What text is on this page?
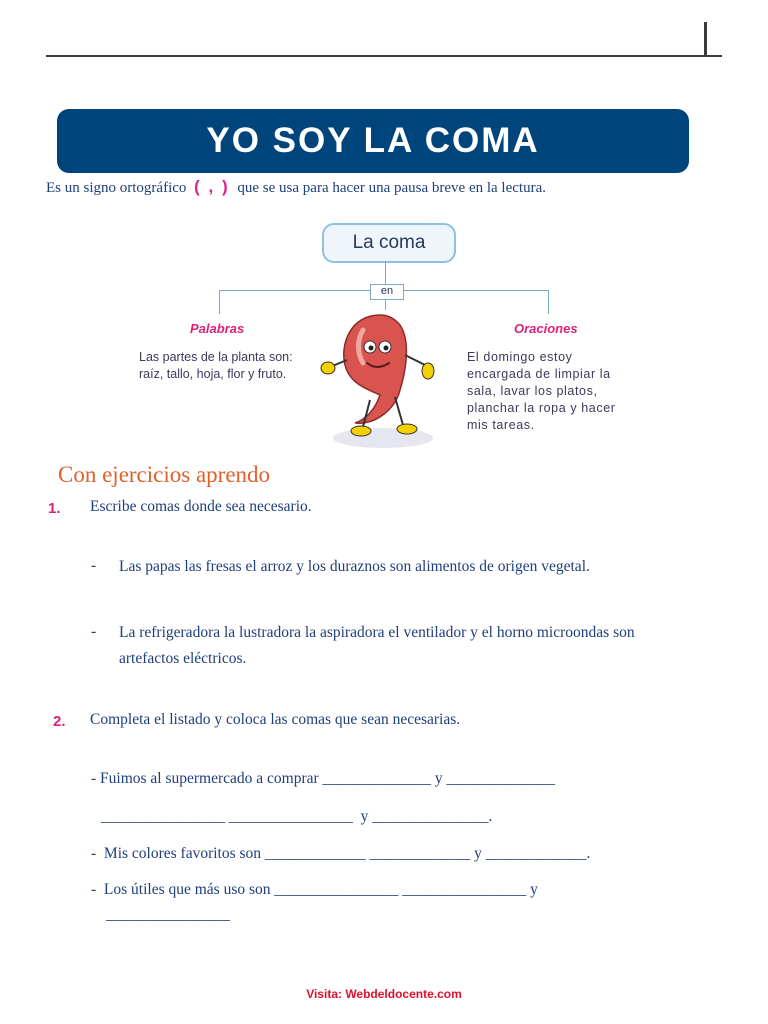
YO SOY LA COMA
Es un signo ortográfico ( , ) que se usa para hacer una pausa breve en la lectura.
La coma
en
Palabras
Las partes de la planta son: raíz, tallo, hoja, flor y fruto.
Oraciones
El domingo estoy encargada de limpiar la sala, lavar los platos, planchar la ropa y hacer mis tareas.
Con ejercicios aprendo
1. Escribe comas donde sea necesario.
- Las papas las fresas el arroz y los duraznos son alimentos de origen vegetal.
- La refrigeradora la lustradora la aspiradora el ventilador y el horno microondas son artefactos eléctricos.
2. Completa el listado y coloca las comas que sean necesarias.
- Fuimos al supermercado a comprar ______________ y ______________
________________ ________________  y _______________.
-  Mis colores favoritos son _____________ _____________ y _____________.
-  Los útiles que más uso son ________________ ________________ y
________________
Visita: Webdeldocente.com
